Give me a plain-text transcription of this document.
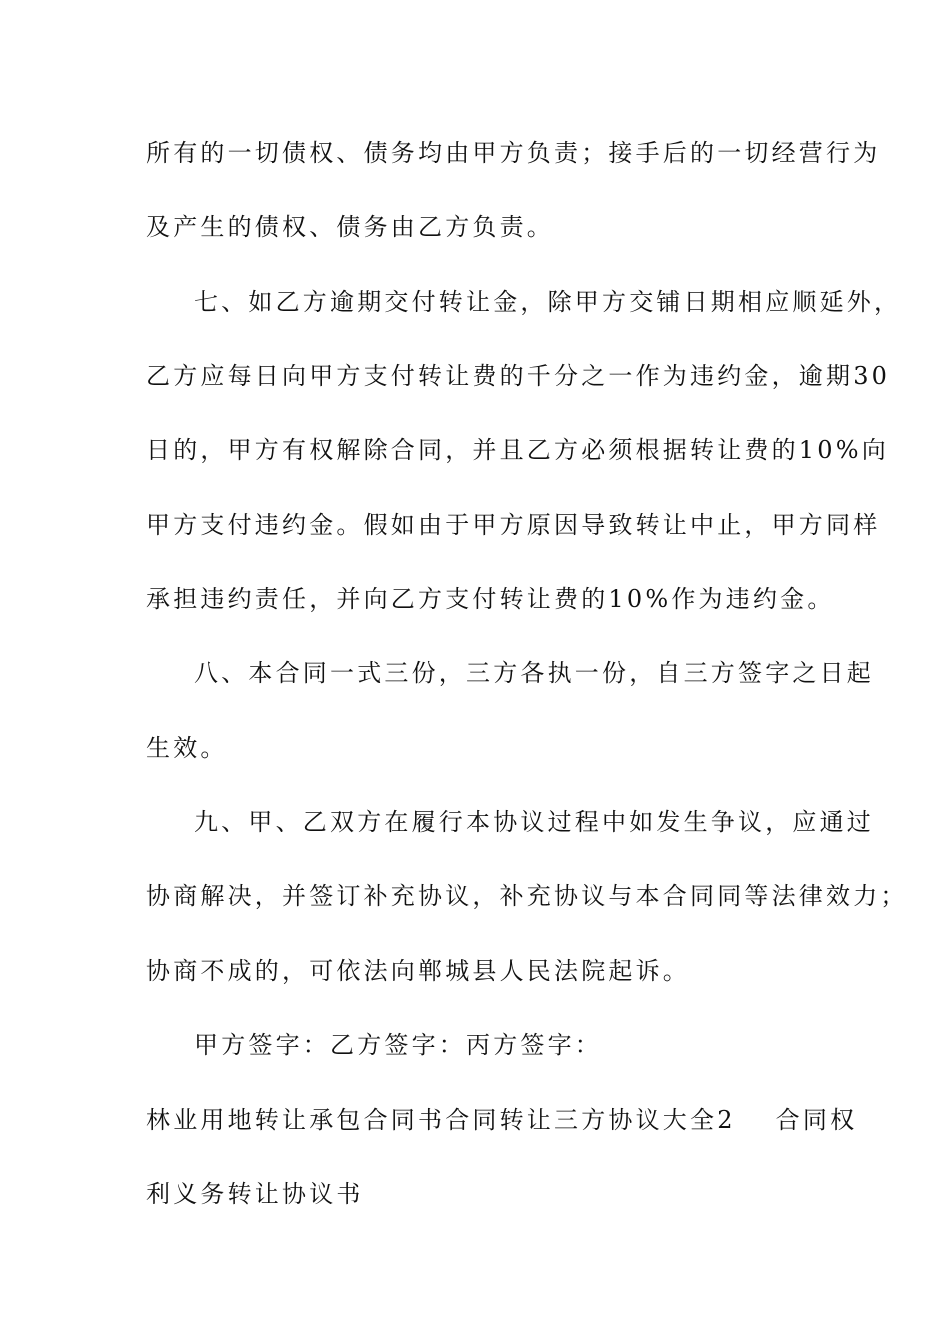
所有的一切债权、债务均由甲方负责；接手后的一切经营行为
及产生的债权、债务由乙方负责。
七、如乙方逾期交付转让金，除甲方交铺日期相应顺延外，
乙方应每日向甲方支付转让费的千分之一作为违约金，逾期30
日的，甲方有权解除合同，并且乙方必须根据转让费的10%向
甲方支付违约金。假如由于甲方原因导致转让中止，甲方同样
承担违约责任，并向乙方支付转让费的10%作为违约金。
八、本合同一式三份，三方各执一份，自三方签字之日起
生效。
九、甲、乙双方在履行本协议过程中如发生争议，应通过
协商解决，并签订补充协议，补充协议与本合同同等法律效力；
协商不成的，可依法向郸城县人民法院起诉。
甲方签字：乙方签字：丙方签字：
林业用地转让承包合同书合同转让三方协议大全2 合同权
利义务转让协议书
